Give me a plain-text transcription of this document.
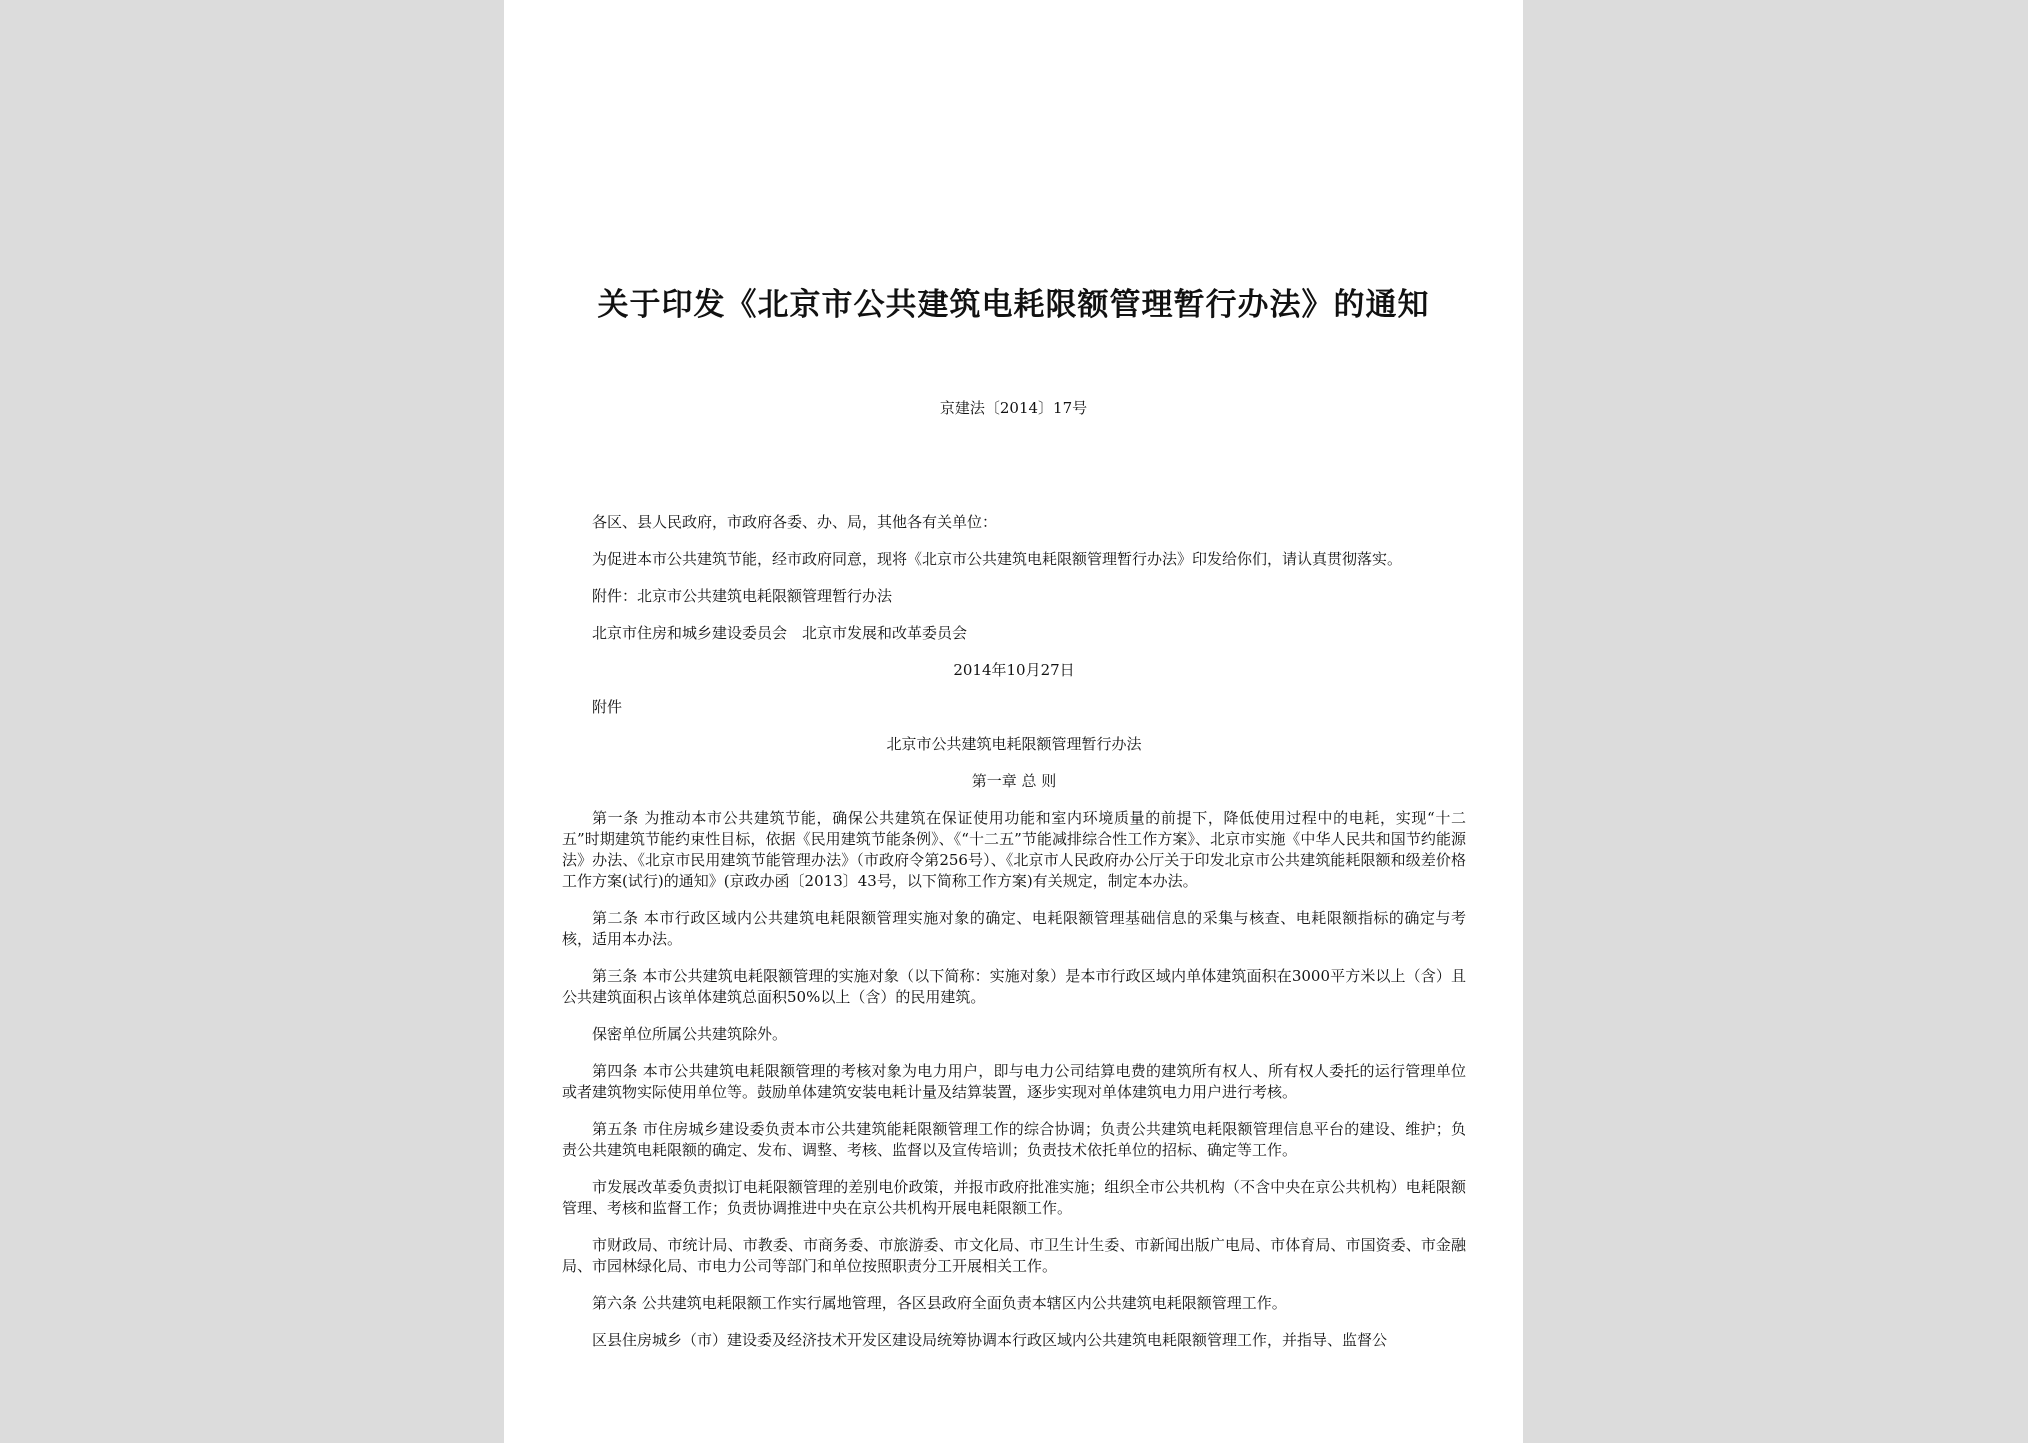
关于印发《北京市公共建筑电耗限额管理暂行办法》的通知
京建法〔2014〕17号

各区、县人民政府，市政府各委、办、局，其他各有关单位：

为促进本市公共建筑节能，经市政府同意，现将《北京市公共建筑电耗限额管理暂行办法》印发给你们，请认真贯彻落实。

附件：北京市公共建筑电耗限额管理暂行办法

北京市住房和城乡建设委员会　北京市发展和改革委员会

2014年10月27日

附件

北京市公共建筑电耗限额管理暂行办法

第一章 总 则

第一条 为推动本市公共建筑节能，确保公共建筑在保证使用功能和室内环境质量的前提下，降低使用过程中的电耗，实现“十二五”时期建筑节能约束性目标，依据《民用建筑节能条例》、《“十二五”节能减排综合性工作方案》、北京市实施《中华人民共和国节约能源法》办法、《北京市民用建筑节能管理办法》（市政府令第256号）、《北京市人民政府办公厅关于印发北京市公共建筑能耗限额和级差价格工作方案(试行)的通知》(京政办函〔2013〕43号，以下简称工作方案)有关规定，制定本办法。

第二条 本市行政区域内公共建筑电耗限额管理实施对象的确定、电耗限额管理基础信息的采集与核查、电耗限额指标的确定与考核，适用本办法。

第三条 本市公共建筑电耗限额管理的实施对象（以下简称：实施对象）是本市行政区域内单体建筑面积在3000平方米以上（含）且公共建筑面积占该单体建筑总面积50%以上（含）的民用建筑。

保密单位所属公共建筑除外。

第四条 本市公共建筑电耗限额管理的考核对象为电力用户，即与电力公司结算电费的建筑所有权人、所有权人委托的运行管理单位或者建筑物实际使用单位等。鼓励单体建筑安装电耗计量及结算装置，逐步实现对单体建筑电力用户进行考核。

第五条 市住房城乡建设委负责本市公共建筑能耗限额管理工作的综合协调；负责公共建筑电耗限额管理信息平台的建设、维护；负责公共建筑电耗限额的确定、发布、调整、考核、监督以及宣传培训；负责技术依托单位的招标、确定等工作。

市发展改革委负责拟订电耗限额管理的差别电价政策，并报市政府批准实施；组织全市公共机构（不含中央在京公共机构）电耗限额管理、考核和监督工作；负责协调推进中央在京公共机构开展电耗限额工作。

市财政局、市统计局、市教委、市商务委、市旅游委、市文化局、市卫生计生委、市新闻出版广电局、市体育局、市国资委、市金融局、市园林绿化局、市电力公司等部门和单位按照职责分工开展相关工作。

第六条 公共建筑电耗限额工作实行属地管理，各区县政府全面负责本辖区内公共建筑电耗限额管理工作。

区县住房城乡（市）建设委及经济技术开发区建设局统筹协调本行政区域内公共建筑电耗限额管理工作，并指导、监督公
